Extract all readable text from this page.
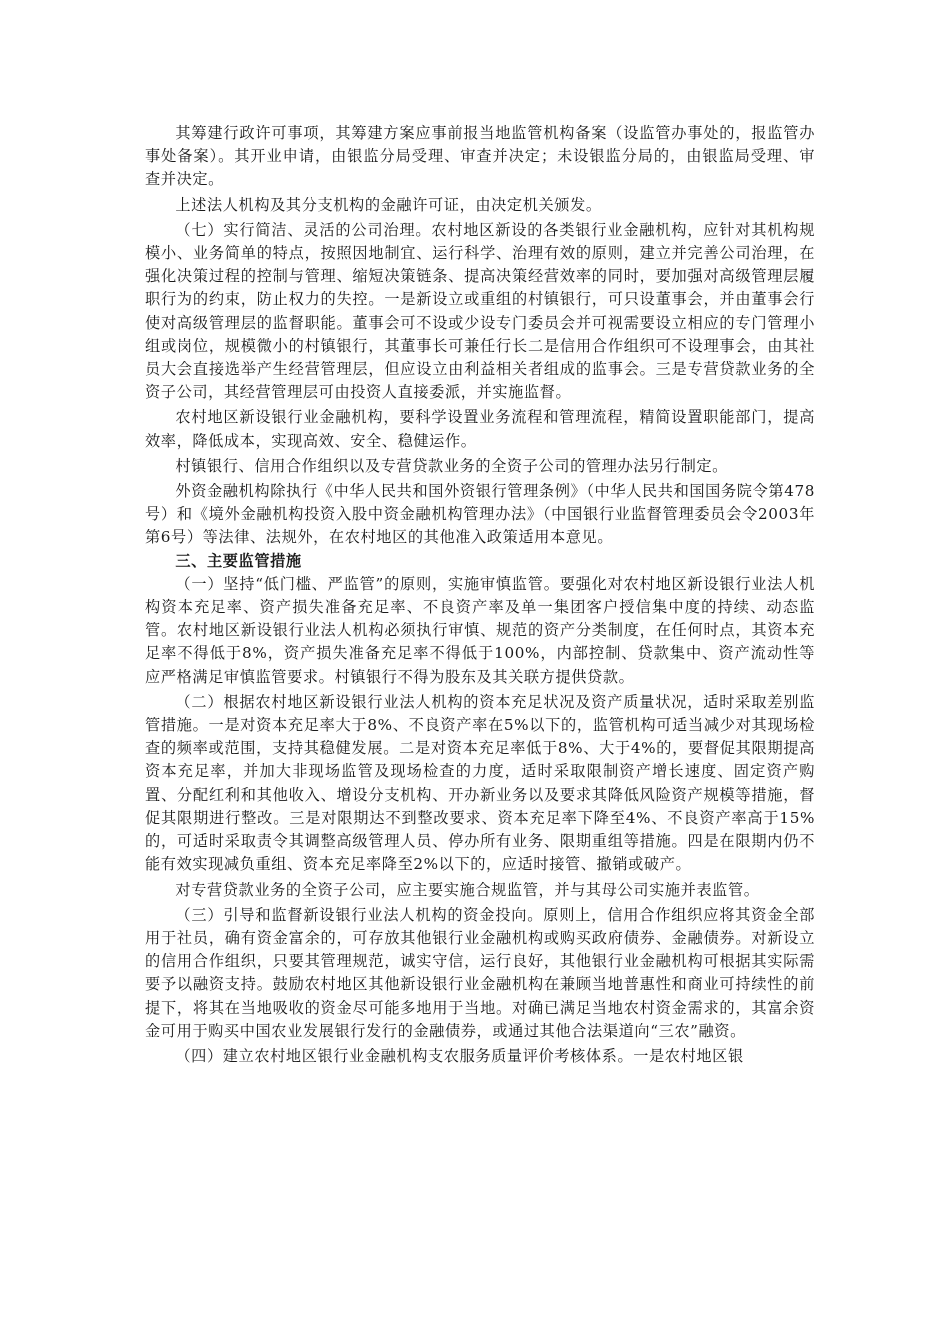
其筹建行政许可事项，其筹建方案应事前报当地监管机构备案（设监管办事处的，报监管办事处备案）。其开业申请，由银监分局受理、审查并决定；未设银监分局的，由银监局受理、审查并决定。

上述法人机构及其分支机构的金融许可证，由决定机关颁发。

（七）实行简洁、灵活的公司治理。农村地区新设的各类银行业金融机构，应针对其机构规模小、业务简单的特点，按照因地制宜、运行科学、治理有效的原则，建立并完善公司治理，在强化决策过程的控制与管理、缩短决策链条、提高决策经营效率的同时，要加强对高级管理层履职行为的约束，防止权力的失控。一是新设立或重组的村镇银行，可只设董事会，并由董事会行使对高级管理层的监督职能。董事会可不设或少设专门委员会并可视需要设立相应的专门管理小组或岗位，规模微小的村镇银行，其董事长可兼任行长二是信用合作组织可不设理事会，由其社员大会直接选举产生经营管理层，但应设立由利益相关者组成的监事会。三是专营贷款业务的全资子公司，其经营管理层可由投资人直接委派，并实施监督。

农村地区新设银行业金融机构，要科学设置业务流程和管理流程，精简设置职能部门，提高效率，降低成本，实现高效、安全、稳健运作。

村镇银行、信用合作组织以及专营贷款业务的全资子公司的管理办法另行制定。

外资金融机构除执行《中华人民共和国外资银行管理条例》（中华人民共和国国务院令第478号）和《境外金融机构投资入股中资金融机构管理办法》（中国银行业监督管理委员会令2003年第6号）等法律、法规外，在农村地区的其他准入政策适用本意见。

三、主要监管措施

（一）坚持“低门槛、严监管”的原则，实施审慎监管。要强化对农村地区新设银行业法人机构资本充足率、资产损失准备充足率、不良资产率及单一集团客户授信集中度的持续、动态监管。农村地区新设银行业法人机构必须执行审慎、规范的资产分类制度，在任何时点，其资本充足率不得低于8%，资产损失准备充足率不得低于100%，内部控制、贷款集中、资产流动性等应严格满足审慎监管要求。村镇银行不得为股东及其关联方提供贷款。

（二）根据农村地区新设银行业法人机构的资本充足状况及资产质量状况，适时采取差别监管措施。一是对资本充足率大于8%、不良资产率在5%以下的，监管机构可适当减少对其现场检查的频率或范围，支持其稳健发展。二是对资本充足率低于8%、大于4%的，要督促其限期提高资本充足率，并加大非现场监管及现场检查的力度，适时采取限制资产增长速度、固定资产购置、分配红利和其他收入、增设分支机构、开办新业务以及要求其降低风险资产规模等措施，督促其限期进行整改。三是对限期达不到整改要求、资本充足率下降至4%、不良资产率高于15%的，可适时采取责令其调整高级管理人员、停办所有业务、限期重组等措施。四是在限期内仍不能有效实现减负重组、资本充足率降至2%以下的，应适时接管、撤销或破产。

对专营贷款业务的全资子公司，应主要实施合规监管，并与其母公司实施并表监管。

（三）引导和监督新设银行业法人机构的资金投向。原则上，信用合作组织应将其资金全部用于社员，确有资金富余的，可存放其他银行业金融机构或购买政府债券、金融债券。对新设立的信用合作组织，只要其管理规范，诚实守信，运行良好，其他银行业金融机构可根据其实际需要予以融资支持。鼓励农村地区其他新设银行业金融机构在兼顾当地普惠性和商业可持续性的前提下，将其在当地吸收的资金尽可能多地用于当地。对确已满足当地农村资金需求的，其富余资金可用于购买中国农业发展银行发行的金融债券，或通过其他合法渠道向“三农”融资。

（四）建立农村地区银行业金融机构支农服务质量评价考核体系。一是农村地区银
